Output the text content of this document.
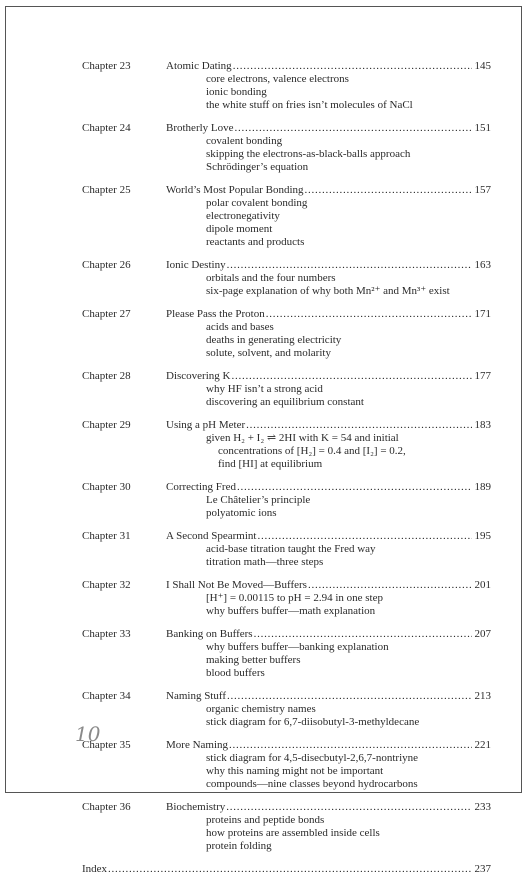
Chapter 23	Atomic Dating . . .	145
core electrons, valence electrons
ionic bonding
the white stuff on fries isn’t molecules of NaCl
Chapter 24	Brotherly Love . . .	151
covalent bonding
skipping the electrons-as-black-balls approach
Schrödinger’s equation
Chapter 25	World’s Most Popular Bonding . . .	157
polar covalent bonding
electronegativity
dipole moment
reactants and products
Chapter 26	Ionic Destiny . . .	163
orbitals and the four numbers
six-page explanation of why both Mn²⁺ and Mn³⁺ exist
Chapter 27	Please Pass the Proton . . .	171
acids and bases
deaths in generating electricity
solute, solvent, and molarity
Chapter 28	Discovering K . . .	177
why HF isn’t a strong acid
discovering an equilibrium constant
Chapter 29	Using a pH Meter . . .	183
given H₂ + I₂ ⇌ 2HI with K = 54 and initial
concentrations of [H₂] = 0.4 and [I₂] = 0.2,
find [HI] at equilibrium
Chapter 30	Correcting Fred . . .	189
Le Châtelier’s principle
polyatomic ions
Chapter 31	A Second Spearmint . . .	195
acid-base titration taught the Fred way
titration math—three steps
Chapter 32	I Shall Not Be Moved—Buffers . . .	201
[H⁺] = 0.00115 to pH = 2.94 in one step
why buffers buffer—math explanation
Chapter 33	Banking on Buffers . . .	207
why buffers buffer—banking explanation
making better buffers
blood buffers
Chapter 34	Naming Stuff . . .	213
organic chemistry names
stick diagram for 6,7-diisobutyl-3-methyldecane
Chapter 35	More Naming . . .	221
stick diagram for 4,5-disecbutyl-2,6,7-nontriyne
why this naming might not be important
compounds—nine classes beyond hydrocarbons
Chapter 36	Biochemistry . . .	233
proteins and peptide bonds
how proteins are assembled inside cells
protein folding
Index . . .	237
10
